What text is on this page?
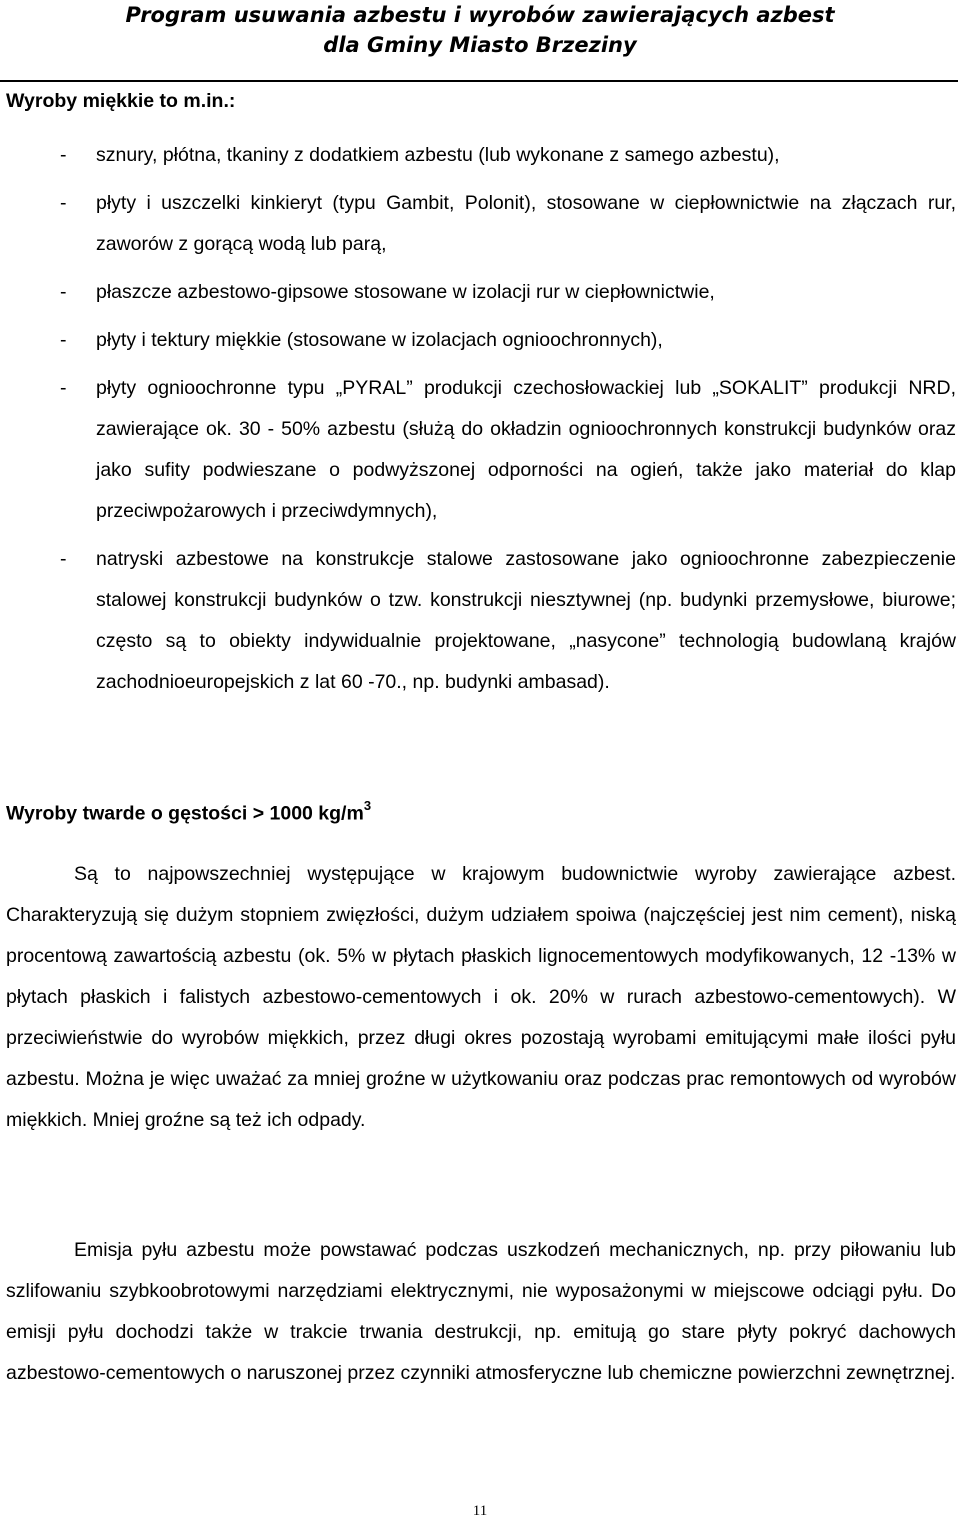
Program usuwania azbestu i wyrobów zawierających azbest
dla Gminy Miasto Brzeziny
Wyroby miękkie to m.in.:
- sznury, płótna, tkaniny z dodatkiem azbestu (lub wykonane z samego azbestu),
- płyty i uszczelki kinkieryt (typu Gambit, Polonit), stosowane w ciepłownictwie na złączach rur, zaworów z gorącą wodą lub parą,
- płaszcze azbestowo-gipsowe stosowane w izolacji rur w ciepłownictwie,
- płyty i tektury miękkie (stosowane w izolacjach ognioochronnych),
- płyty ognioochronne typu „PYRAL” produkcji czechosłowackiej lub „SOKALIT” produkcji NRD, zawierające ok. 30 - 50% azbestu (służą do okładzin ognioochronnych konstrukcji budynków oraz jako sufity podwieszane o podwyższonej odporności na ogień, także jako materiał do klap przeciwpożarowych i przeciwdymnych),
- natryski azbestowe na konstrukcje stalowe zastosowane jako ognioochronne zabezpieczenie stalowej konstrukcji budynków o tzw. konstrukcji niesztywnej (np. budynki przemysłowe, biurowe; często są to obiekty indywidualnie projektowane, „nasycone” technologią budowlaną krajów zachodnioeuropejskich z lat 60 -70., np. budynki ambasad).
Wyroby twarde o gęstości > 1000 $kg/m^3$
Są to najpowszechniej występujące w krajowym budownictwie wyroby zawierające azbest. Charakteryzują się dużym stopniem zwięzłości, dużym udziałem spoiwa (najczęściej jest nim cement), niską procentową zawartością azbestu (ok. 5% w płytach płaskich lignocementowych modyfikowanych, 12 -13% w płytach płaskich i falistych azbestowo-cementowych i ok. 20% w rurach azbestowo-cementowych). W przeciwieństwie do wyrobów miękkich, przez długi okres pozostają wyrobami emitującymi małe ilości pyłu azbestu. Można je więc uważać za mniej groźne w użytkowaniu oraz podczas prac remontowych od wyrobów miękkich. Mniej groźne są też ich odpady.
Emisja pyłu azbestu może powstawać podczas uszkodzeń mechanicznych, np. przy piłowaniu lub szlifowaniu szybkoobrotowymi narzędziami elektrycznymi, nie wyposażonymi w miejscowe odciągi pyłu. Do emisji pyłu dochodzi także w trakcie trwania destrukcji, np. emitują go stare płyty pokryć dachowych azbestowo-cementowych o naruszonej przez czynniki atmosferyczne lub chemiczne powierzchni zewnętrznej.
11
